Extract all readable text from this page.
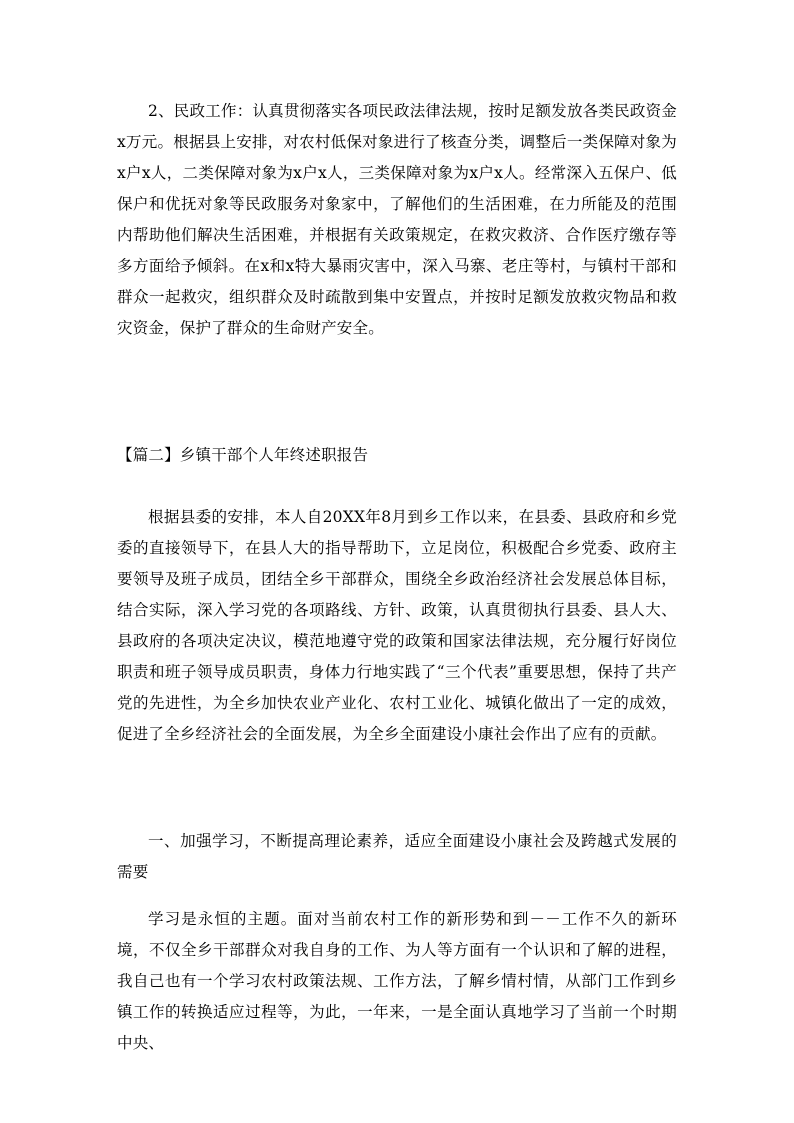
2、民政工作：认真贯彻落实各项民政法律法规，按时足额发放各类民政资金x万元。根据县上安排，对农村低保对象进行了核查分类，调整后一类保障对象为x户x人，二类保障对象为x户x人，三类保障对象为x户x人。经常深入五保户、低保户和优抚对象等民政服务对象家中，了解他们的生活困难，在力所能及的范围内帮助他们解决生活困难，并根据有关政策规定，在救灾救济、合作医疗缴存等多方面给予倾斜。在x和x特大暴雨灾害中，深入马寨、老庄等村，与镇村干部和群众一起救灾，组织群众及时疏散到集中安置点，并按时足额发放救灾物品和救灾资金，保护了群众的生命财产安全。

【篇二】乡镇干部个人年终述职报告

根据县委的安排，本人自20XX年8月到乡工作以来，在县委、县政府和乡党委的直接领导下，在县人大的指导帮助下，立足岗位，积极配合乡党委、政府主要领导及班子成员，团结全乡干部群众，围绕全乡政治经济社会发展总体目标，结合实际，深入学习党的各项路线、方针、政策，认真贯彻执行县委、县人大、县政府的各项决定决议，模范地遵守党的政策和国家法律法规，充分履行好岗位职责和班子领导成员职责，身体力行地实践了“三个代表”重要思想，保持了共产党的先进性，为全乡加快农业产业化、农村工业化、城镇化做出了一定的成效，促进了全乡经济社会的全面发展，为全乡全面建设小康社会作出了应有的贡献。

一、加强学习，不断提高理论素养，适应全面建设小康社会及跨越式发展的需要

学习是永恒的主题。面对当前农村工作的新形势和到－－工作不久的新环境，不仅全乡干部群众对我自身的工作、为人等方面有一个认识和了解的进程，我自己也有一个学习农村政策法规、工作方法，了解乡情村情，从部门工作到乡镇工作的转换适应过程等，为此，一年来，一是全面认真地学习了当前一个时期中央、
